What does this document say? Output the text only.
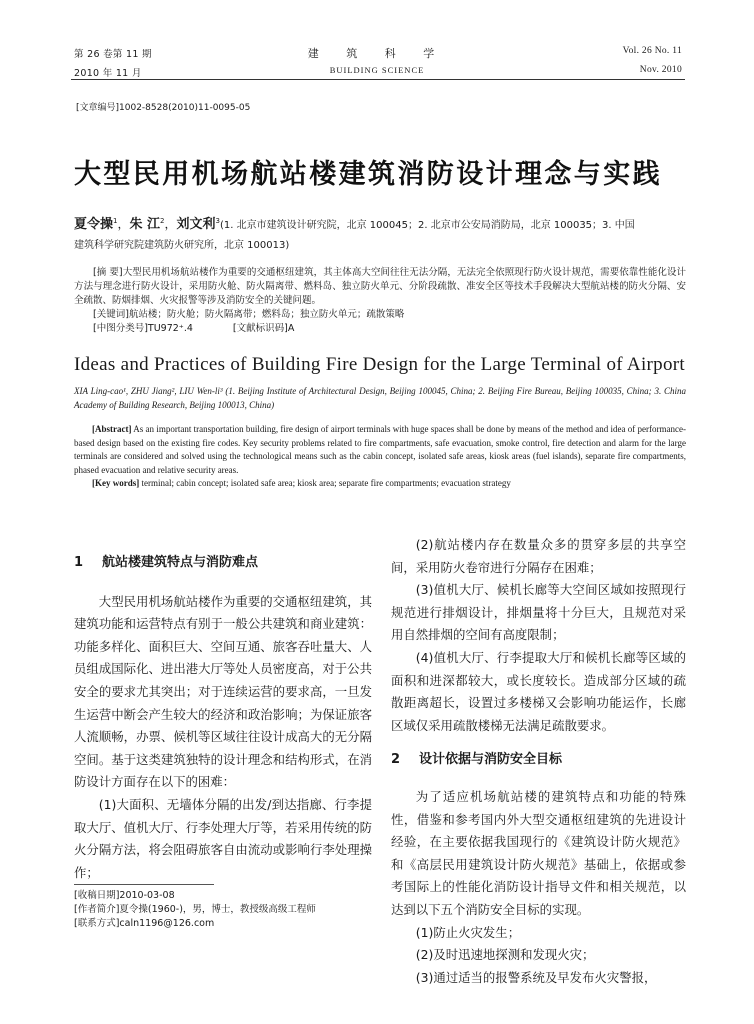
第 26 卷第 11 期
2010 年 11 月
建 筑 科 学
BUILDING SCIENCE
Vol. 26 No. 11
Nov. 2010
[文章编号]1002-8528(2010)11-0095-05
大型民用机场航站楼建筑消防设计理念与实践
夏令操$^1$，朱 江$^2$，刘文利$^3$(1. 北京市建筑设计研究院，北京 100045；2. 北京市公安局消防局，北京 100035；3. 中国
建筑科学研究院建筑防火研究所，北京 100013)

[摘 要]大型民用机场航站楼作为重要的交通枢纽建筑，其主体高大空间往往无法分隔，无法完全依照现行防火设计规范，需要依靠性能化设计方法与理念进行防火设计，采用防火舱、防火隔离带、燃料岛、独立防火单元、分阶段疏散、准安全区等技术手段解决大型航站楼的防火分隔、安全疏散、防烟排烟、火灾报警等涉及消防安全的关键问题。

[关键词]航站楼；防火舱；防火隔离带；燃料岛；独立防火单元；疏散策略

[中图分类号]TU972⁺.4	[文献标识码]A

Ideas and Practices of Building Fire Design for the Large Terminal of Airport
XIA Ling-cao¹, ZHU Jiang², LIU Wen-li³ (1. Beijing Institute of Architectural Design, Beijing 100045, China; 2. Beijing Fire Bureau, Beijing 100035, China; 3. China Academy of Building Research, Beijing 100013, China)

[Abstract] As an important transportation building, fire design of airport terminals with huge spaces shall be done by means of the method and idea of performance-based design based on the existing fire codes. Key security problems related to fire compartments, safe evacuation, smoke control, fire detection and alarm for the large terminals are considered and solved using the technological means such as the cabin concept, isolated safe areas, kiosk areas (fuel islands), separate fire compartments, phased evacuation and relative security areas.

[Key words] terminal; cabin concept; isolated safe area; kiosk area; separate fire compartments; evacuation strategy

1 航站楼建筑特点与消防难点

大型民用机场航站楼作为重要的交通枢纽建筑，其建筑功能和运营特点有别于一般公共建筑和商业建筑：功能多样化、面积巨大、空间互通、旅客吞吐量大、人员组成国际化、进出港大厅等处人员密度高，对于公共安全的要求尤其突出；对于连续运营的要求高，一旦发生运营中断会产生较大的经济和政治影响；为保证旅客人流顺畅，办票、候机等区域往往设计成高大的无分隔空间。基于这类建筑独特的设计理念和结构形式，在消防设计方面存在以下的困难：

(1)大面积、无墙体分隔的出发/到达指廊、行李提取大厅、值机大厅、行李处理大厅等，若采用传统的防火分隔方法，将会阻碍旅客自由流动或影响行李处理操作；

[收稿日期]2010-03-08
[作者简介]夏令操(1960-)，男，博士，教授级高级工程师
[联系方式]caln1196@126.com

(2)航站楼内存在数量众多的贯穿多层的共享空间，采用防火卷帘进行分隔存在困难；

(3)值机大厅、候机长廊等大空间区域如按照现行规范进行排烟设计，排烟量将十分巨大，且规范对采用自然排烟的空间有高度限制；

(4)值机大厅、行李提取大厅和候机长廊等区域的面积和进深都较大，或长度较长。造成部分区域的疏散距离超长，设置过多楼梯又会影响功能运作，长廊区域仅采用疏散楼梯无法满足疏散要求。

2 设计依据与消防安全目标

为了适应机场航站楼的建筑特点和功能的特殊性，借鉴和参考国内外大型交通枢纽建筑的先进设计经验，在主要依据我国现行的《建筑设计防火规范》和《高层民用建筑设计防火规范》基础上，依据或参考国际上的性能化消防设计指导文件和相关规范，以达到以下五个消防安全目标的实现。

(1)防止火灾发生；

(2)及时迅速地探测和发现火灾；

(3)通过适当的报警系统及早发布火灾警报，
